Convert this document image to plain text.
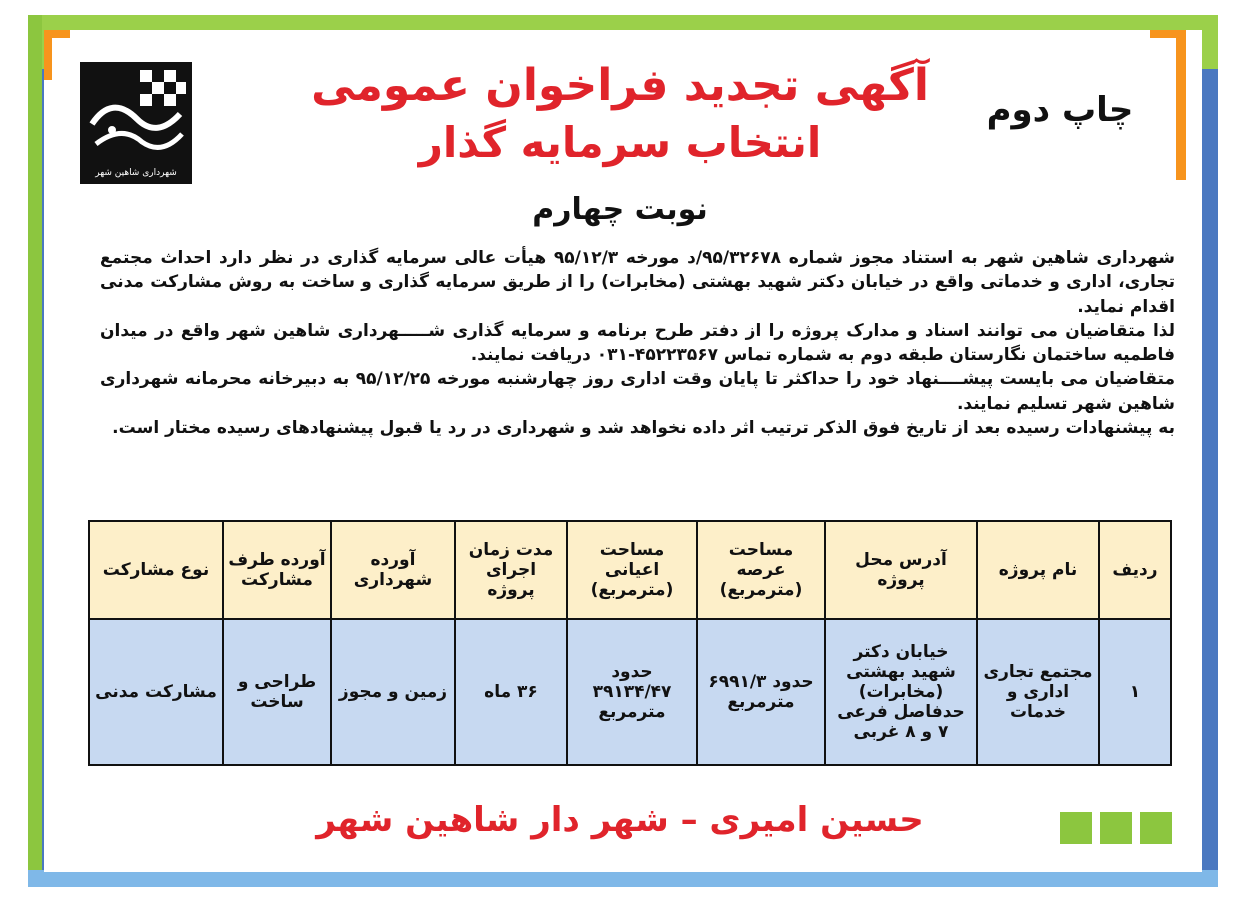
شهرداری شاهین شهر
آگهی تجدید فراخوان عمومی
انتخاب سرمایه گذار
چاپ دوم
نوبت چهارم

شهرداری شاهین شهر به استناد مجوز شماره ۹۵/۳۲۶۷۸/د مورخه ۹۵/۱۲/۳ هیأت عالی سرمایه گذاری در نظر دارد احداث مجتمع تجاری، اداری و خدماتی واقع در خیابان دکتر شهید بهشتی (مخابرات) را از طریق سرمایه گذاری و ساخت به روش مشارکت مدنی اقدام نماید.

لذا متقاضیان می توانند اسناد و مدارک پروژه را از دفتر طرح برنامه و سرمایه گذاری شـــــهرداری شاهین شهر واقع در میدان فاطمیه ساختمان نگارستان طبقه دوم به شماره تماس ۴۵۲۲۳۵۶۷-۰۳۱ دریافت نمایند.

متقاضیان می بایست پیشــــنهاد خود را حداکثر تا پایان وقت اداری روز چهارشنبه مورخه ۹۵/۱۲/۲۵ به دبیرخانه محرمانه شهرداری شاهین شهر تسلیم نمایند.

به پیشنهادات رسیده بعد از تاریخ فوق الذکر ترتیب اثر داده نخواهد شد و شهرداری در رد یا قبول پیشنهادهای رسیده مختار است.

ردیف	نام پروژه	آدرس محل پروژه	مساحت عرصه (مترمربع)	مساحت اعیانی (مترمربع)	مدت زمان اجرای پروژه	آورده شهرداری	آورده طرف مشارکت	نوع مشارکت
۱	مجتمع تجاری اداری و خدمات	خیابان دکتر شهید بهشتی (مخابرات) حدفاصل فرعی ۷ و ۸ غربی	حدود ۶۹۹۱/۳ مترمربع	حدود ۳۹۱۳۴/۴۷ مترمربع	۳۶ ماه	زمین و مجوز	طراحی و ساخت	مشارکت مدنی
حسین امیری – شهر دار شاهین شهر
